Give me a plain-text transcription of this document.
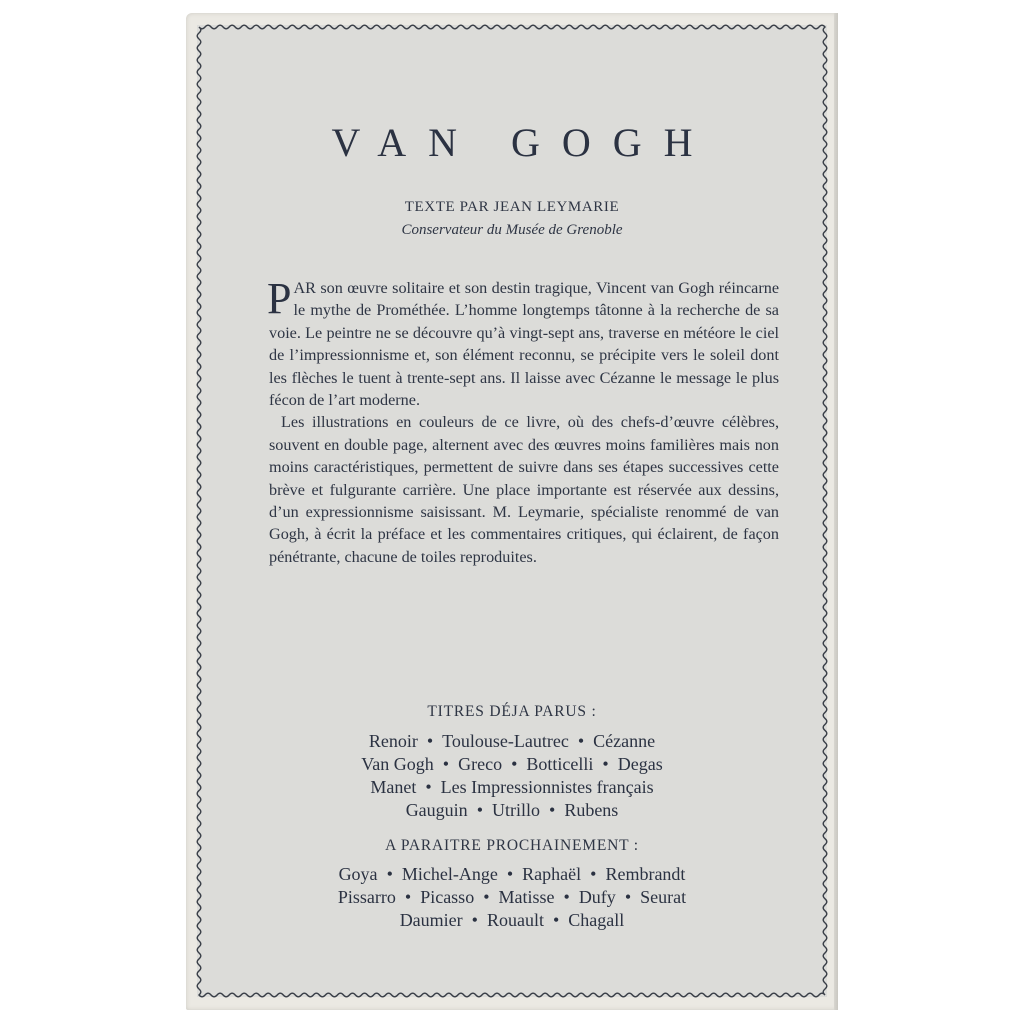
VAN GOGH
TEXTE PAR JEAN LEYMARIE
Conservateur du Musée de Grenoble

PAR son œuvre solitaire et son destin tragique, Vincent van Gogh réincarne le mythe de Prométhée. L’homme longtemps tâtonne à la recherche de sa voie. Le peintre ne se découvre qu’à vingt-sept ans, traverse en météore le ciel de l’impressionnisme et, son élément reconnu, se précipite vers le soleil dont les flèches le tuent à trente-sept ans. Il laisse avec Cézanne le message le plus fécon de l’art moderne.

Les illustrations en couleurs de ce livre, où des chefs-d’œuvre célèbres, souvent en double page, alternent avec des œuvres moins familières mais non moins caractéristiques, permettent de suivre dans ses étapes successives cette brève et fulgurante carrière. Une place importante est réservée aux dessins, d’un expressionnisme saisissant. M. Leymarie, spécialiste renommé de van Gogh, à écrit la préface et les commentaires critiques, qui éclairent, de façon pénétrante, chacune de toiles reproduites.

TITRES DÉJA PARUS :
Renoir • Toulouse-Lautrec • Cézanne
Van Gogh • Greco • Botticelli • Degas
Manet • Les Impressionnistes français
Gauguin • Utrillo • Rubens
A PARAITRE PROCHAINEMENT :
Goya • Michel-Ange • Raphaël • Rembrandt
Pissarro • Picasso • Matisse • Dufy • Seurat
Daumier • Rouault • Chagall
